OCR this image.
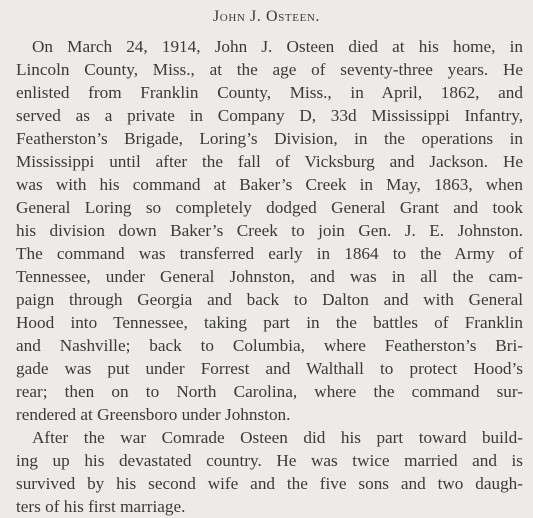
John J. Osteen.
On March 24, 1914, John J. Osteen died at his home, in
Lincoln County, Miss., at the age of seventy-three years. He
enlisted from Franklin County, Miss., in April, 1862, and
served as a private in Company D, 33d Mississippi Infantry,
Featherston’s Brigade, Loring’s Division, in the operations in
Mississippi until after the fall of Vicksburg and Jackson. He
was with his command at Baker’s Creek in May, 1863, when
General Loring so completely dodged General Grant and took
his division down Baker’s Creek to join Gen. J. E. Johnston.
The command was transferred early in 1864 to the Army of
Tennessee, under General Johnston, and was in all the cam-
paign through Georgia and back to Dalton and with General
Hood into Tennessee, taking part in the battles of Franklin
and Nashville; back to Columbia, where Featherston’s Bri-
gade was put under Forrest and Walthall to protect Hood’s
rear; then on to North Carolina, where the command sur-
rendered at Greensboro under Johnston.
After the war Comrade Osteen did his part toward build-
ing up his devastated country. He was twice married and is
survived by his second wife and the five sons and two daugh-
ters of his first marriage.
